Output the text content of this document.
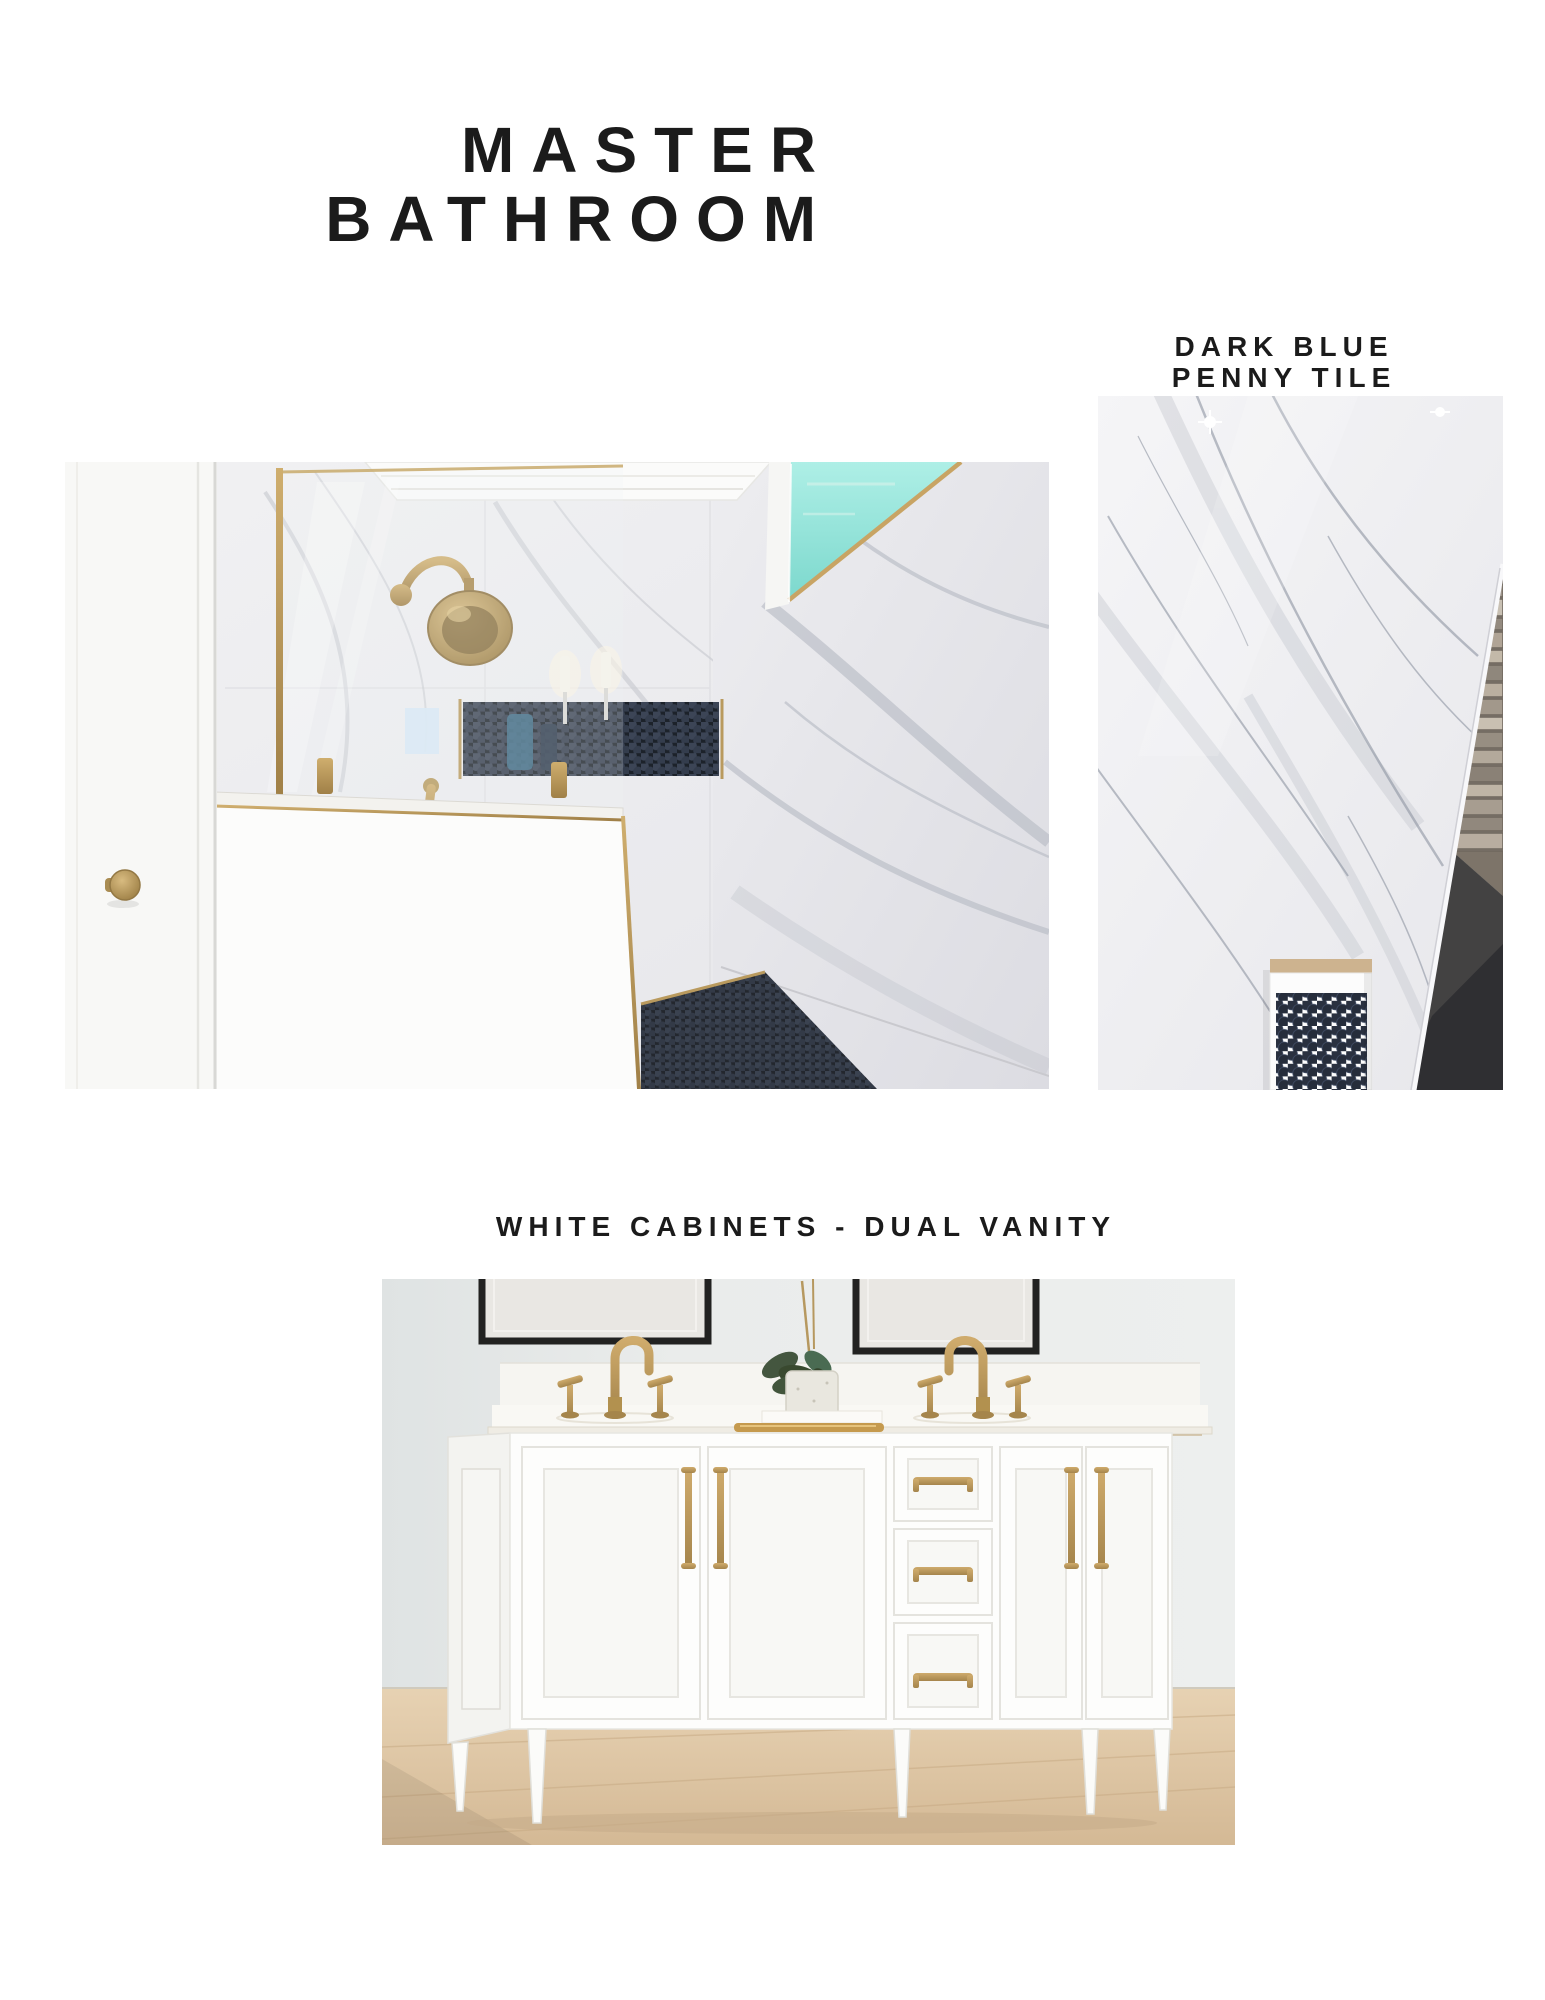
MASTER
BATHROOM
DARK BLUE
PENNY TILE
WHITE CABINETS - DUAL VANITY
